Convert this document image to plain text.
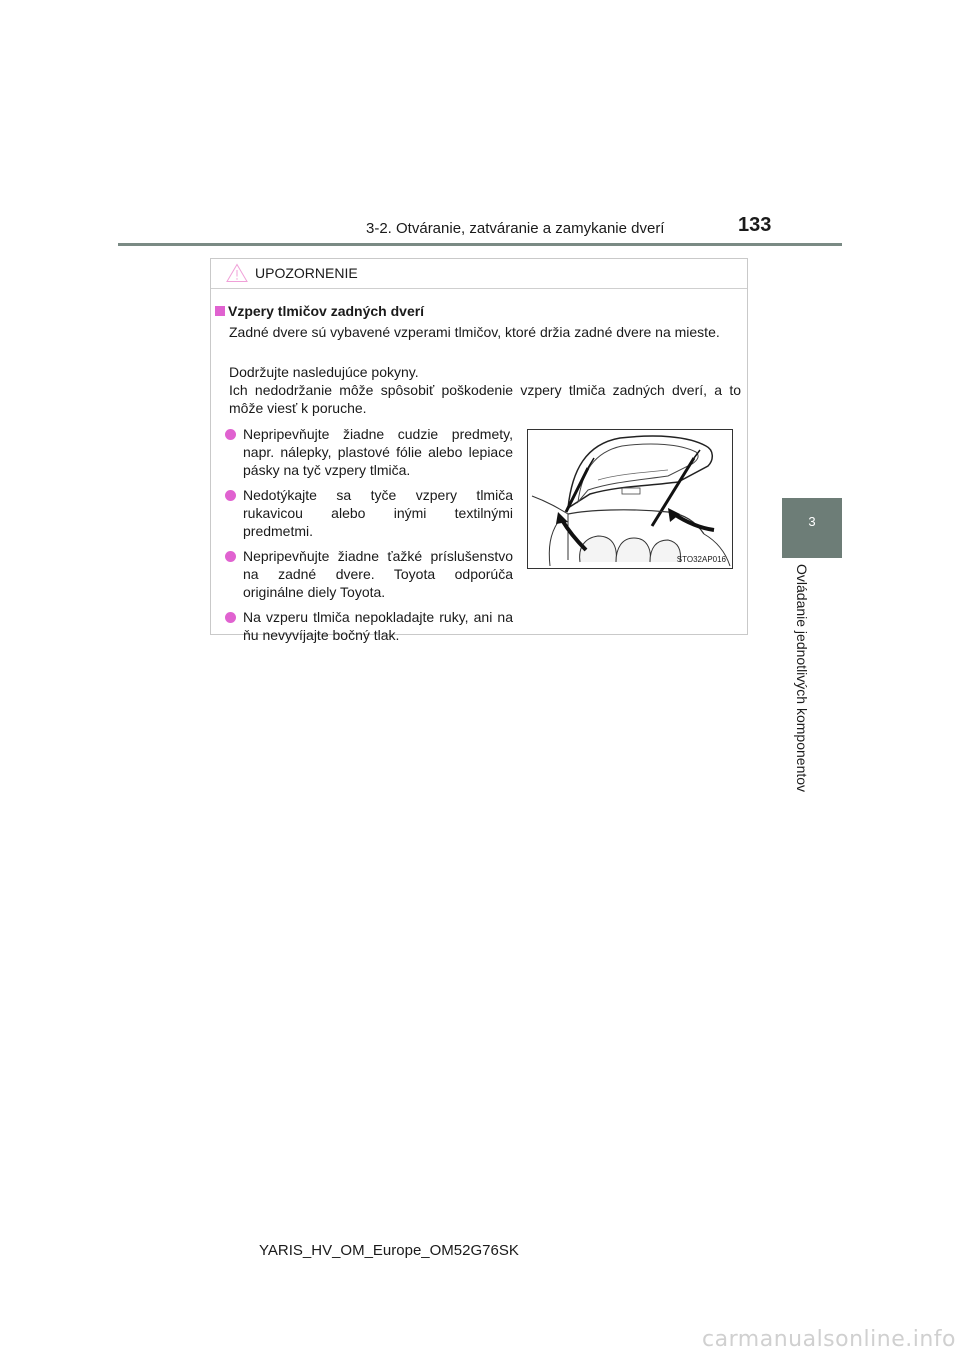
3-2. Otváranie, zatváranie a zamykanie dverí	133
3
Ovládanie jednotlivých komponentov
UPOZORNENIE
Vzpery tlmičov zadných dverí
Zadné dvere sú vybavené vzperami tlmičov, ktoré držia zadné dvere na mieste.
Dodržujte nasledujúce pokyny.
Ich nedodržanie môže spôsobiť poškodenie vzpery tlmiča zadných dverí, a to môže viesť k poruche.
Nepripevňujte žiadne cudzie predmety, napr. nálepky, plastové fólie alebo lepiace pásky na tyč vzpery tlmiča.
Nedotýkajte sa tyče vzpery tlmiča rukavicou alebo inými textilnými predmetmi.
Nepripevňujte žiadne ťažké príslušenstvo na zadné dvere. Toyota odporúča originálne diely Toyota.
Na vzperu tlmiča nepokladajte ruky, ani na ňu nevyvíjajte bočný tlak.
STO32AP016
YARIS_HV_OM_Europe_OM52G76SK
carmanualsonline.info
